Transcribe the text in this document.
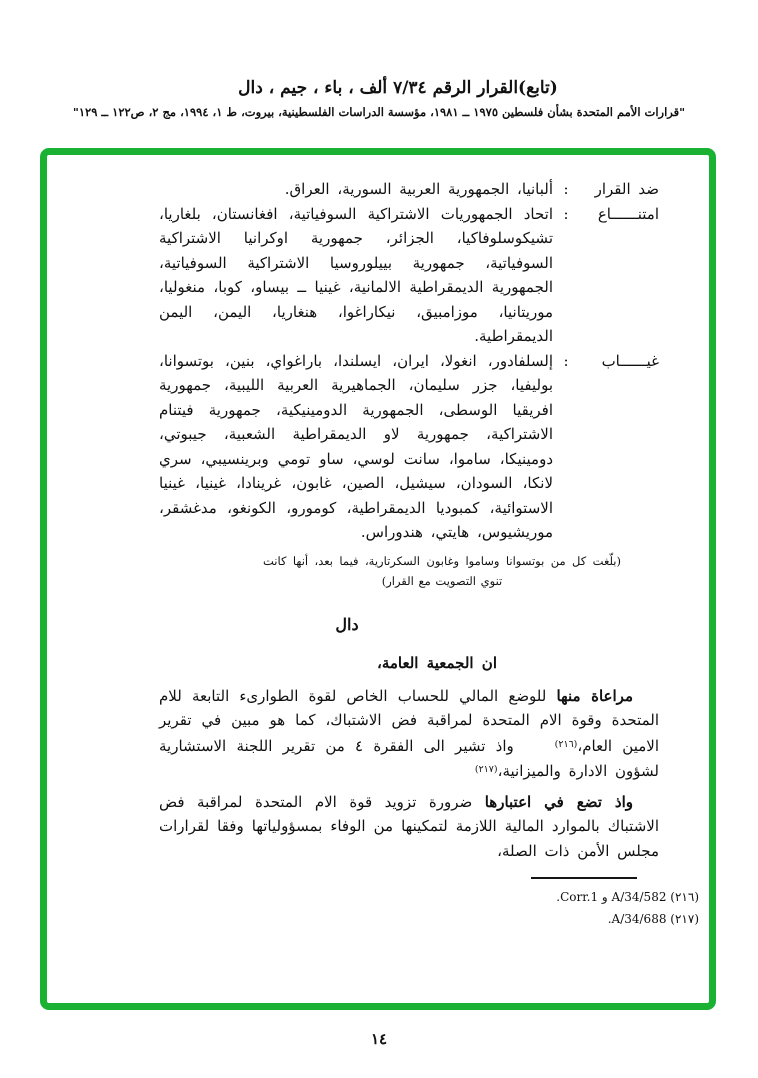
(تابع)القرار الرقم ٧/٣٤ ألف ، باء ، جيم ، دال
"قرارات الأمم المتحدة بشأن فلسطين ١٩٧٥ ــ ١٩٨١، مؤسسة الدراسات الفلسطينية، بيروت، ط ١، ١٩٩٤، مج ٢، ص١٢٢ ــ ١٢٩"
ضد القرار
:
ألبانيا، الجمهورية العربية السورية، العراق.
امتنــــــاع
:
اتحاد الجمهوريات الاشتراكية السوفياتية، افغانستان، بلغاريا، تشيكوسلوفاكيا، الجزائر، جمهورية اوكرانيا الاشتراكية السوفياتية، جمهورية بييلوروسيا الاشتراكية السوفياتية، الجمهورية الديمقراطية الالمانية، غينيا ــ بيساو، كوبا، منغوليا، موريتانيا، موزامبيق، نيكاراغوا، هنغاريا، اليمن، اليمن الديمقراطية.
غيــــــاب
:
إلسلفادور، انغولا، ايران، ايسلندا، باراغواي، بنين، بوتسوانا، بوليفيا، جزر سليمان، الجماهيرية العربية الليبية، جمهورية افريقيا الوسطى، الجمهورية الدومينيكية، جمهورية فيتنام الاشتراكية، جمهورية لاو الديمقراطية الشعبية، جيبوتي، دومينيكا، ساموا، سانت لوسي، ساو تومي وبرينسيبي، سري لانكا، السودان، سيشيل، الصين، غابون، غرينادا، غينيا، غينيا الاستوائية، كمبوديا الديمقراطية، كومورو، الكونغو، مدغشقر، موريشيوس، هايتي، هندوراس.
(بلّغت كل من بوتسوانا وساموا وغابون السكرتارية، فيما بعد، أنها كانت تنوي التصويت مع القرار)
دال
ان الجمعية العامة،

مراعاة منها للوضع المالي للحساب الخاص لقوة الطوارىء التابعة للام المتحدة وقوة الام المتحدة لمراقبة فض الاشتباك، كما هو مبين في تقرير الامين العام،$^{(٢١٦)}$    واذ تشير الى الفقرة ٤ من تقرير اللجنة الاستشارية لشؤون الادارة والميزانية،$^{(٢١٧)}$

واذ تضع في اعتبارها ضرورة تزويد قوة الام المتحدة لمراقبة فض الاشتباك بالموارد المالية اللازمة لتمكينها من الوفاء بمسؤولياتها وفقا لقرارات مجلس الأمن ذات الصلة،

(٢١٦) A/34/582 و Corr.1.
(٢١٧) A/34/688.
١٤
